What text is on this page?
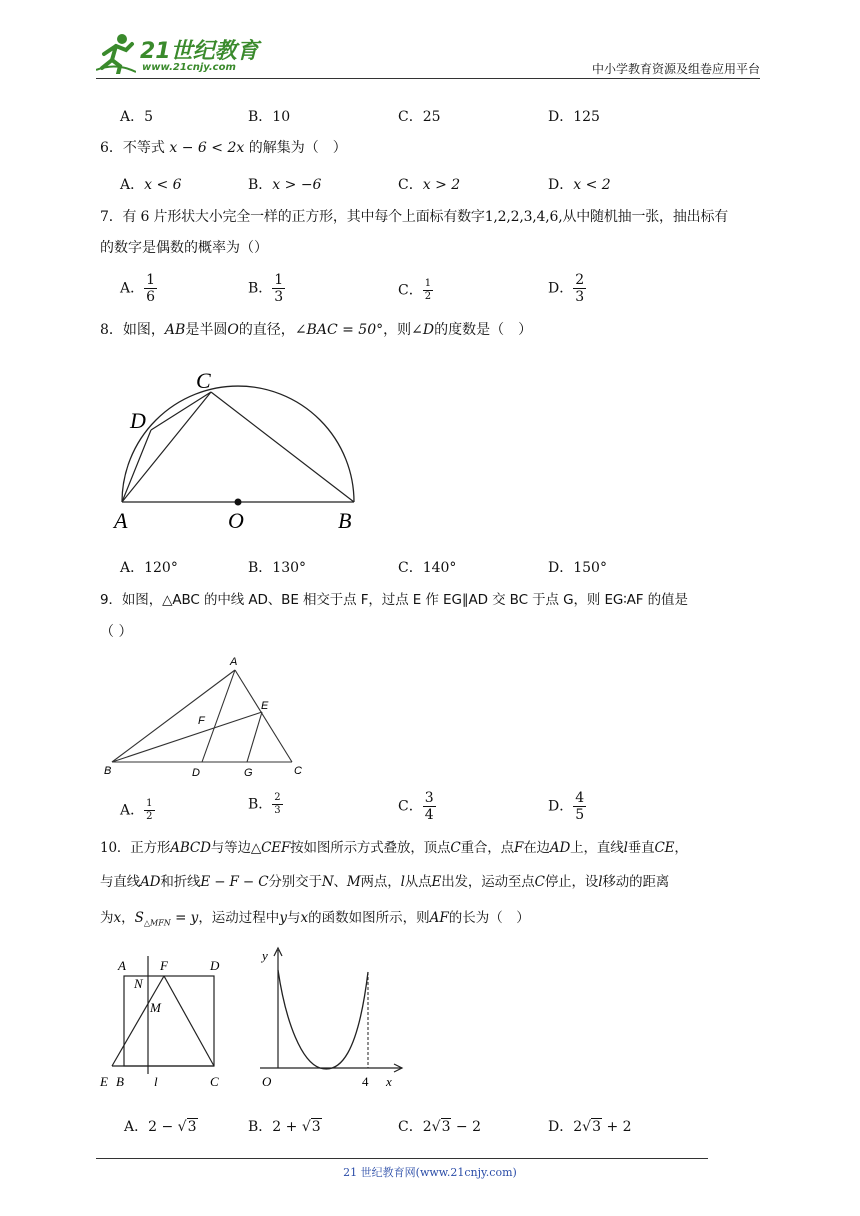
21世纪教育
www.21cnjy.com	中小学教育资源及组卷应用平台
A．5	B．10	C．25	D．125
6．不等式 x − 6 < 2x 的解集为（　）
A．x < 6	B．x > −6	C．x > 2	D．x < 2
7．有 6 片形状大小完全一样的正方形，其中每个上面标有数字1,2,2,3,4,6,从中随机抽一张，抽出标有
的数字是偶数的概率为（）
A． $\frac{1}{6}$	B． $\frac{1}{3}$	C． $\frac{1}{2}$	D． $\frac{2}{3}$
8．如图，AB是半圆O的直径，∠BAC = 50°，则∠D的度数是（　）
C
D
A	O	B
A．120°	B．130°	C．140°	D．150°
9．如图，△ABC 的中线 AD、BE 相交于点 F，过点 E 作 EG∥AD 交 BC 于点 G，则 EG∶AF 的值是
（ ）
A
E
F
B	D	G	C
A． $\frac{1}{2}$	B． $\frac{2}{3}$	C． $\frac{3}{4}$	D． $\frac{4}{5}$
10．正方形ABCD与等边△CEF按如图所示方式叠放，顶点C重合，点F在边AD上，直线l垂直CE，
与直线AD和折线E − F − C分别交于N、M两点，l从点E出发，运动至点C停止，设l移动的距离
为x，$S_{\triangle MFN} = y$，运动过程中y与x的函数如图所示，则AF的长为（　）
A	F	D
N
M
E B l	C
y
O	4 x
A．2 − √3	B．2 + √3	C．2√3 − 2	D．2√3 + 2
21 世纪教育网(www.21cnjy.com)
